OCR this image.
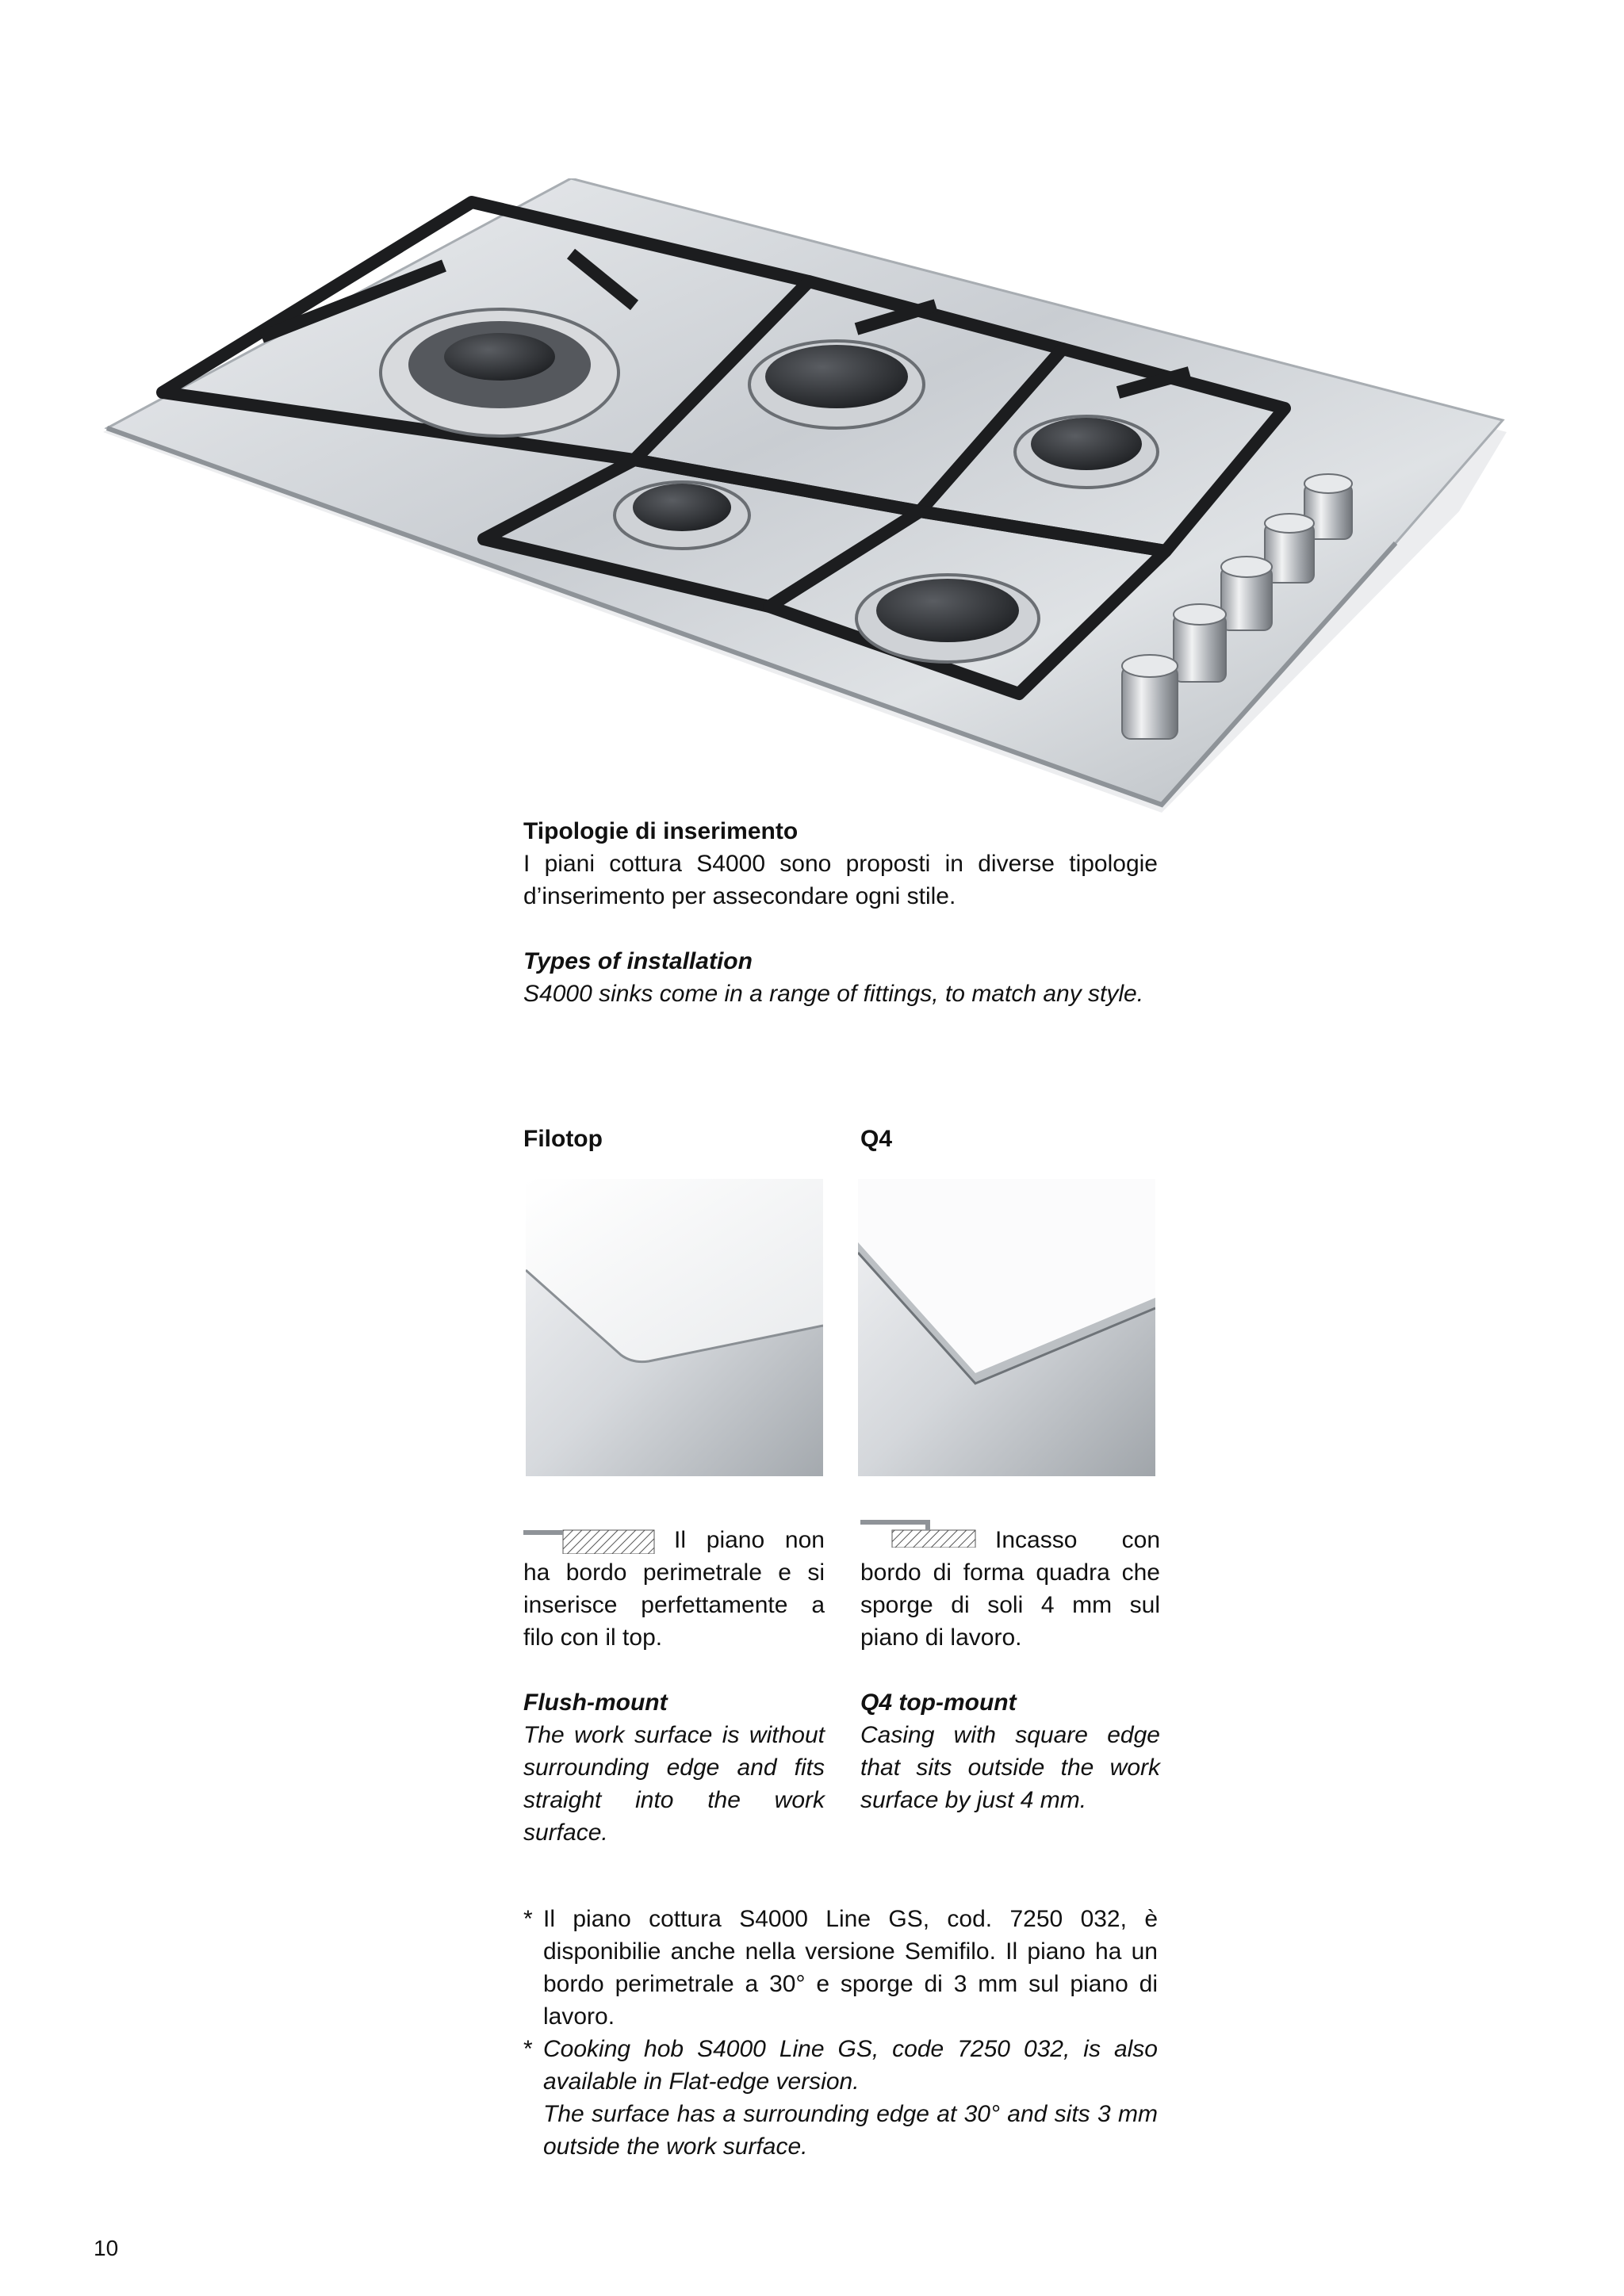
Tipologie di inserimento
I piani cottura S4000 sono proposti in diverse tipologie d’inserimento per assecondare ogni stile.
Types of installation
S4000 sinks come in a range of fittings, to match any style.
Filotop	Q4
Il piano non ha bordo perimetrale e si inserisce perfettamente a filo con il top.
Flush-mount
The work surface is without surrounding edge and fits straight into the work surface.
Incasso con bordo di forma quadra che sporge di soli 4 mm sul piano di lavoro.
Q4 top-mount
Casing with square edge that sits outside the work surface by just 4 mm.
* Il piano cottura S4000 Line GS, cod. 7250 032, è disponibilie anche nella versione Semifilo. Il piano ha un bordo perimetrale a 30° e sporge di 3 mm sul piano di lavoro.

* Cooking hob S4000 Line GS, code 7250 032, is also available in Flat-edge version.

The surface has a surrounding edge at 30° and sits 3 mm outside the work surface.

10
